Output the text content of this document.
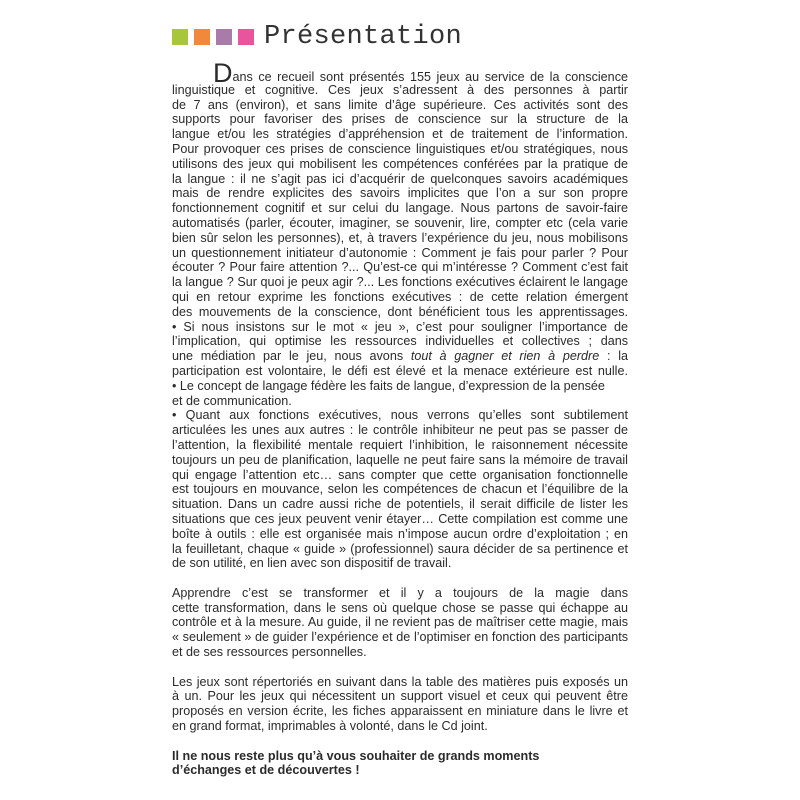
Présentation
Dans ce recueil sont présentés 155 jeux au service de la conscience
linguistique et cognitive. Ces jeux s’adressent à des personnes à partir
de 7 ans (environ), et sans limite d’âge supérieure. Ces activités sont des
supports pour favoriser des prises de conscience sur la structure de la
langue et/ou les stratégies d’appréhension et de traitement de l’information.
Pour provoquer ces prises de conscience linguistiques et/ou stratégiques, nous
utilisons des jeux qui mobilisent les compétences conférées par la pratique de
la langue : il ne s’agit pas ici d’acquérir de quelconques savoirs académiques
mais de rendre explicites des savoirs implicites que l’on a sur son propre
fonctionnement cognitif et sur celui du langage. Nous partons de savoir-faire
automatisés (parler, écouter, imaginer, se souvenir, lire, compter etc (cela varie
bien sûr selon les personnes), et, à travers l’expérience du jeu, nous mobilisons
un questionnement initiateur d’autonomie : Comment je fais pour parler ? Pour
écouter ? Pour faire attention ?... Qu’est-ce qui m’intéresse ? Comment c’est fait
la langue ? Sur quoi je peux agir ?... Les fonctions exécutives éclairent le langage
qui en retour exprime les fonctions exécutives : de cette relation émergent
des mouvements de la conscience, dont bénéficient tous les apprentissages.
• Si nous insistons sur le mot « jeu », c’est pour souligner l’importance de
l’implication, qui optimise les ressources individuelles et collectives ; dans
une médiation par le jeu, nous avons tout à gagner et rien à perdre : la
participation est volontaire, le défi est élevé et la menace extérieure est nulle.
• Le concept de langage fédère les faits de langue, d’expression de la pensée
et de communication.
• Quant aux fonctions exécutives, nous verrons qu’elles sont subtilement
articulées les unes aux autres : le contrôle inhibiteur ne peut pas se passer de
l’attention, la flexibilité mentale requiert l’inhibition, le raisonnement nécessite
toujours un peu de planification, laquelle ne peut faire sans la mémoire de travail
qui engage l’attention etc… sans compter que cette organisation fonctionnelle
est toujours en mouvance, selon les compétences de chacun et l’équilibre de la
situation. Dans un cadre aussi riche de potentiels, il serait difficile de lister les
situations que ces jeux peuvent venir étayer… Cette compilation est comme une
boîte à outils : elle est organisée mais n’impose aucun ordre d’exploitation ; en
la feuilletant, chaque « guide » (professionnel) saura décider de sa pertinence et
de son utilité, en lien avec son dispositif de travail.
Apprendre c’est se transformer et il y a toujours de la magie dans
cette transformation, dans le sens où quelque chose se passe qui échappe au
contrôle et à la mesure. Au guide, il ne revient pas de maîtriser cette magie, mais
« seulement » de guider l’expérience et de l’optimiser en fonction des participants
et de ses ressources personnelles.
Les jeux sont répertoriés en suivant dans la table des matières puis exposés un
à un. Pour les jeux qui nécessitent un support visuel et ceux qui peuvent être
proposés en version écrite, les fiches apparaissent en miniature dans le livre et
en grand format, imprimables à volonté, dans le Cd joint.
Il ne nous reste plus qu’à vous souhaiter de grands moments
d’échanges et de découvertes !
